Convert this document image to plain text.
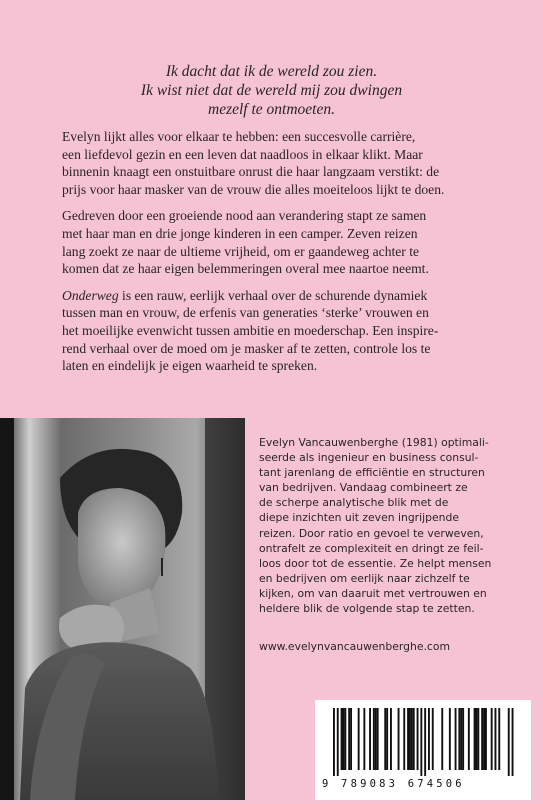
Ik dacht dat ik de wereld zou zien.
Ik wist niet dat de wereld mij zou dwingen
mezelf te ontmoeten.

Evelyn lijkt alles voor elkaar te hebben: een succesvolle carrière,
een liefdevol gezin en een leven dat naadloos in elkaar klikt. Maar
binnenin knaagt een onstuitbare onrust die haar langzaam verstikt: de
prijs voor haar masker van de vrouw die alles moeiteloos lijkt te doen.

Gedreven door een groeiende nood aan verandering stapt ze samen
met haar man en drie jonge kinderen in een camper. Zeven reizen
lang zoekt ze naar de ultieme vrijheid, om er gaandeweg achter te
komen dat ze haar eigen belemmeringen overal mee naartoe neemt.

Onderweg is een rauw, eerlijk verhaal over de schurende dynamiek
tussen man en vrouw, de erfenis van generaties ‘sterke’ vrouwen en
het moeilijke evenwicht tussen ambitie en moederschap. Een inspire-
rend verhaal over de moed om je masker af te zetten, controle los te
laten en eindelijk je eigen waarheid te spreken.

Evelyn Vancauwenberghe (1981) optimali-
seerde als ingenieur en business consul-
tant jarenlang de efficiëntie en structuren
van bedrijven. Vandaag combineert ze
de scherpe analytische blik met de
diepe inzichten uit zeven ingrijpende
reizen. Door ratio en gevoel te verweven,
ontrafelt ze complexiteit en dringt ze feil-
loos door tot de essentie. Ze helpt mensen
en bedrijven om eerlijk naar zichzelf te
kijken, om van daaruit met vertrouwen en
heldere blik de volgende stap te zetten.
www.evelynvancauwenberghe.com
9 789083 674506
